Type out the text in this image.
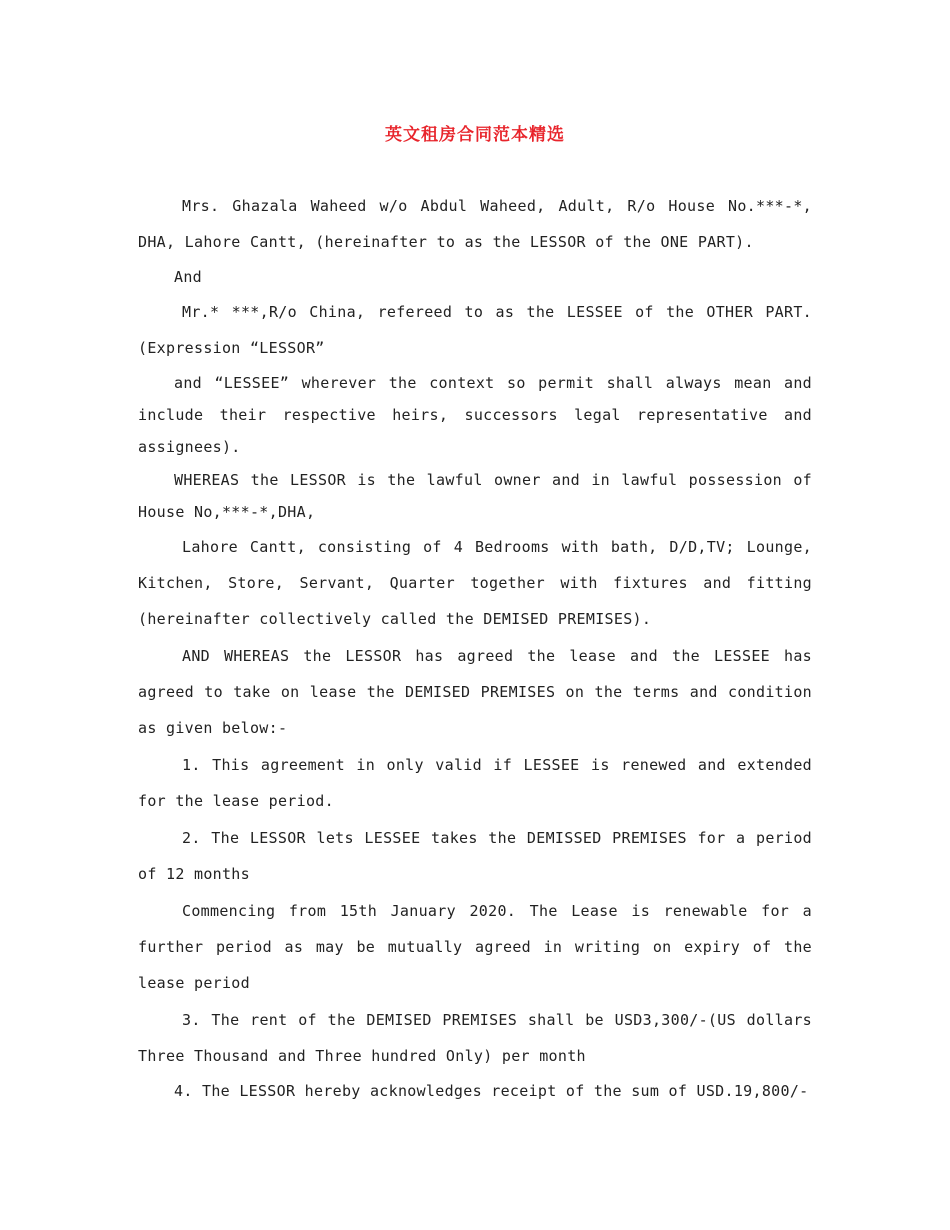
英文租房合同范本精选

Mrs. Ghazala Waheed w/o Abdul Waheed, Adult, R/o House No.***-*, DHA, Lahore Cantt, (hereinafter to as the LESSOR of the ONE PART).

And

Mr.* ***,R/o China, refereed to as the LESSEE of the OTHER PART. (Expression “LESSOR”

and “LESSEE” wherever the context so permit shall always mean and include their respective heirs, successors legal representative and assignees).

WHEREAS the LESSOR is the lawful owner and in lawful possession of House No,***-*,DHA,

Lahore Cantt, consisting of 4 Bedrooms with bath, D/D,TV; Lounge, Kitchen, Store, Servant, Quarter together with fixtures and fitting (hereinafter collectively called the DEMISED PREMISES).

AND WHEREAS the LESSOR has agreed the lease and the LESSEE has agreed to take on lease the DEMISED PREMISES on the terms and condition as given below:-

1. This agreement in only valid if LESSEE is renewed and extended for the lease period.

2. The LESSOR lets LESSEE takes the DEMISSED PREMISES for a period of 12 months

Commencing from 15th January 2020. The Lease is renewable for a further period as may be mutually agreed in writing on expiry of the lease period

3. The rent of the DEMISED PREMISES shall be USD3,300/-(US dollars Three Thousand and Three hundred Only) per month

4. The LESSOR hereby acknowledges receipt of the sum of USD.19,800/-
